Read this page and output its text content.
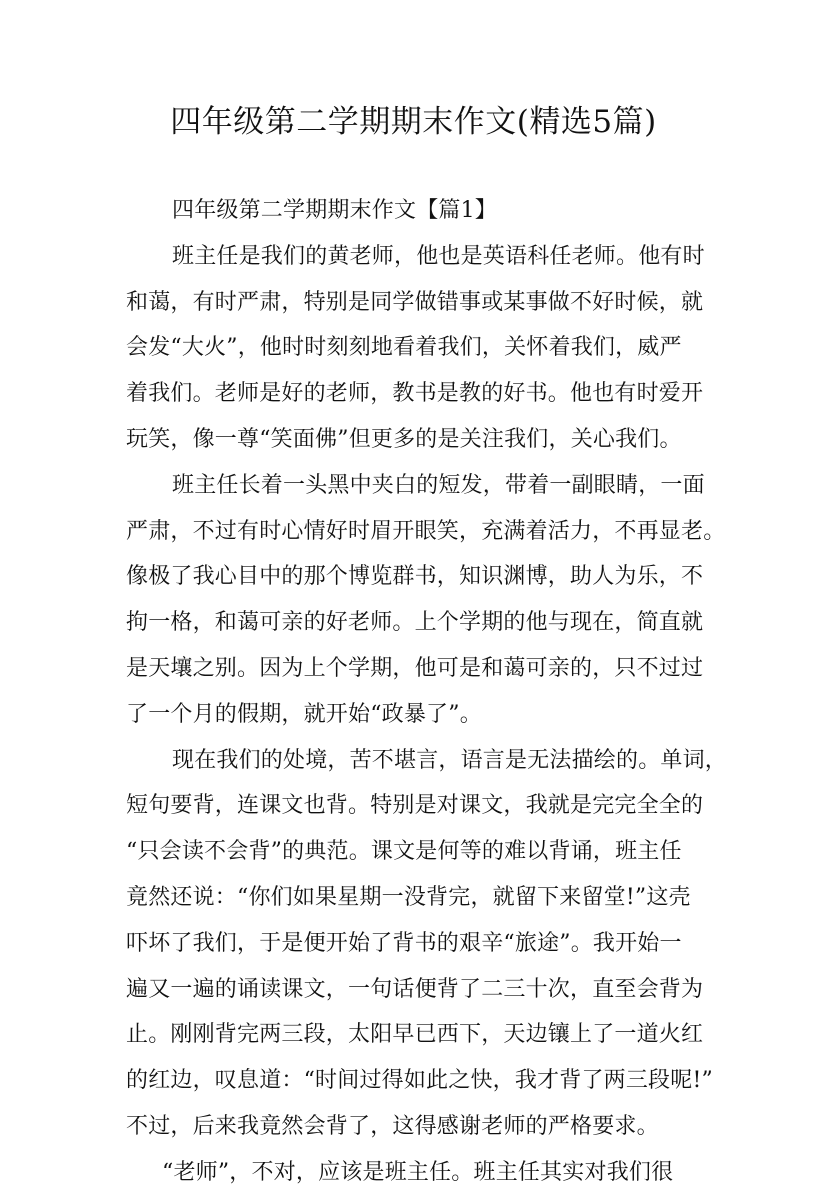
四年级第二学期期末作文(精选5篇)
四年级第二学期期末作文【篇1】
班主任是我们的黄老师，他也是英语科任老师。他有时
和蔼，有时严肃，特别是同学做错事或某事做不好时候，就
会发“大火”，他时时刻刻地看着我们，关怀着我们，威严
着我们。老师是好的老师，教书是教的好书。他也有时爱开
玩笑，像一尊“笑面佛”但更多的是关注我们，关心我们。
班主任长着一头黑中夹白的短发，带着一副眼睛，一面
严肃，不过有时心情好时眉开眼笑，充满着活力，不再显老。
像极了我心目中的那个博览群书，知识渊博，助人为乐，不
拘一格，和蔼可亲的好老师。上个学期的他与现在，简直就
是天壤之别。因为上个学期，他可是和蔼可亲的，只不过过
了一个月的假期，就开始“政暴了”。
现在我们的处境，苦不堪言，语言是无法描绘的。单词，
短句要背，连课文也背。特别是对课文，我就是完完全全的
“只会读不会背”的典范。课文是何等的难以背诵，班主任
竟然还说：“你们如果星期一没背完，就留下来留堂!”这壳
吓坏了我们，于是便开始了背书的艰辛“旅途”。我开始一
遍又一遍的诵读课文，一句话便背了二三十次，直至会背为
止。刚刚背完两三段，太阳早已西下，天边镶上了一道火红
的红边，叹息道：“时间过得如此之快，我才背了两三段呢!”
不过，后来我竟然会背了，这得感谢老师的严格要求。
“老师”，不对，应该是班主任。班主任其实对我们很
